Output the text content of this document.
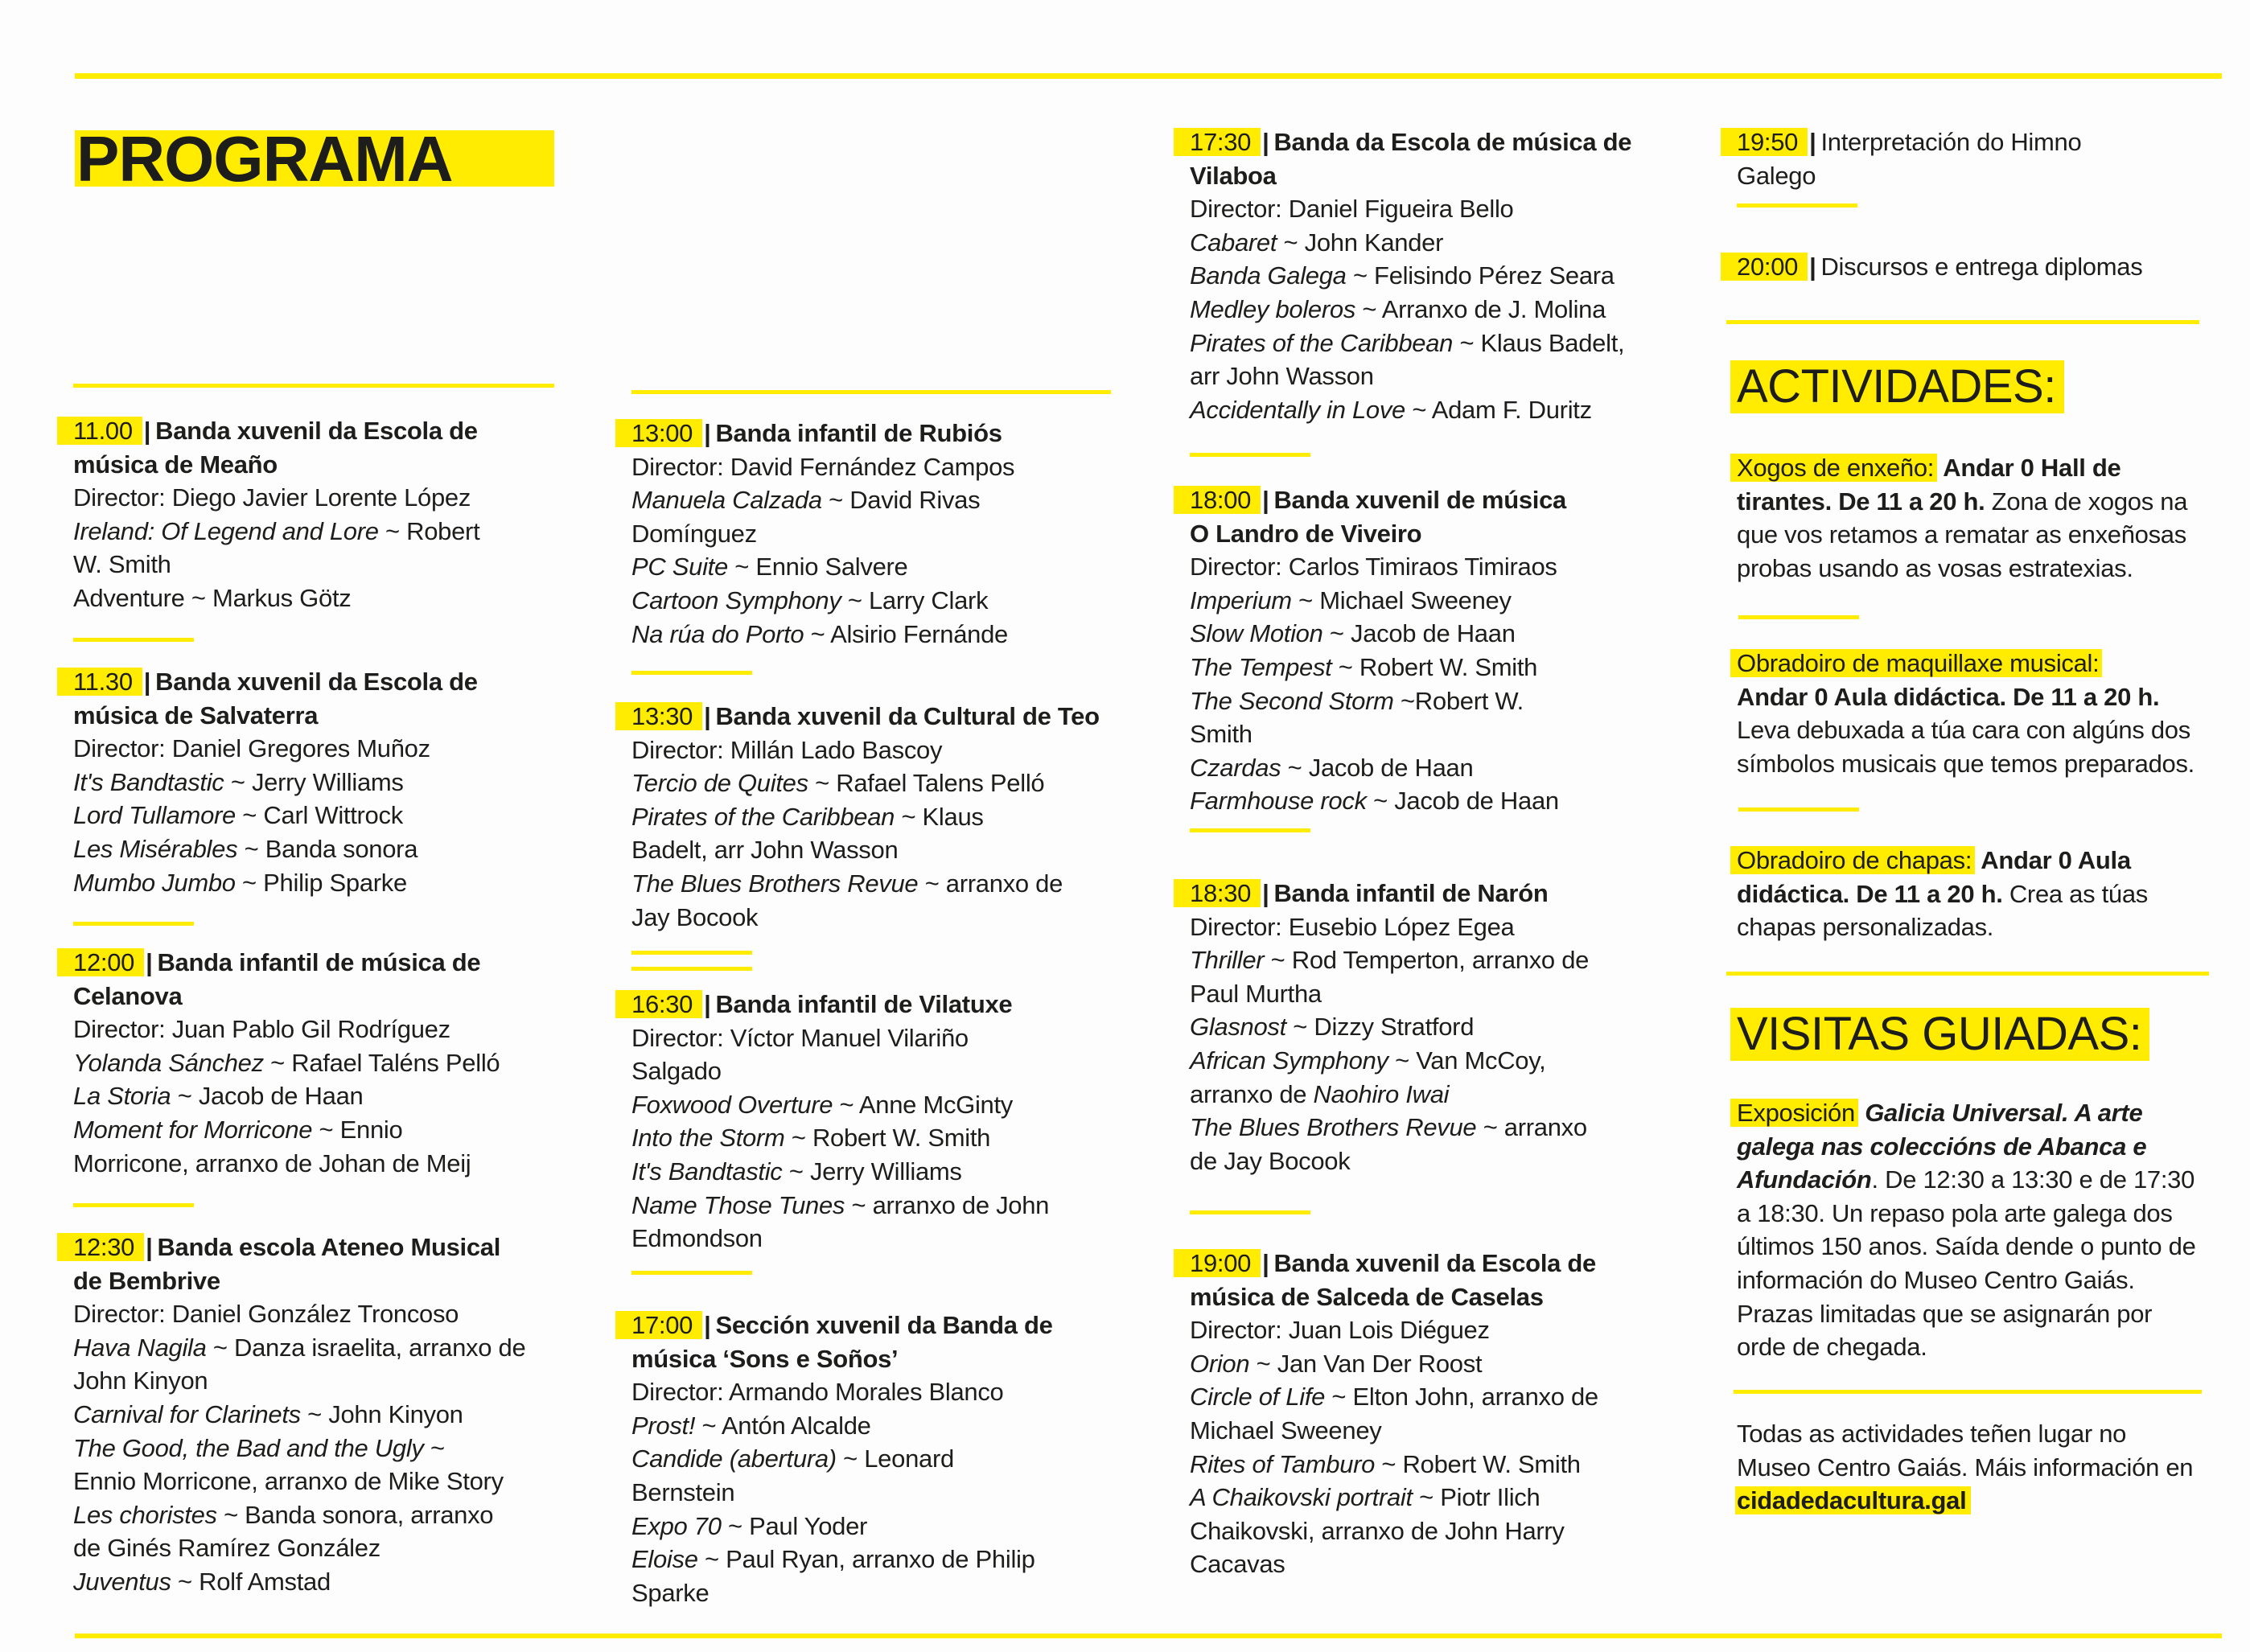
PROGRAMA
11.00 | Banda xuvenil da Escola de
música de Meaño
Director: Diego Javier Lorente López
Ireland: Of Legend and Lore ~ Robert
W. Smith
Adventure ~ Markus Götz
11.30 | Banda xuvenil da Escola de
música de Salvaterra
Director: Daniel Gregores Muñoz
It's Bandtastic ~ Jerry Williams
Lord Tullamore ~ Carl Wittrock
Les Misérables ~ Banda sonora
Mumbo Jumbo ~ Philip Sparke
12:00 | Banda infantil de música de
Celanova
Director: Juan Pablo Gil Rodríguez
Yolanda Sánchez ~ Rafael Taléns Pelló
La Storia ~ Jacob de Haan
Moment for Morricone ~ Ennio
Morricone, arranxo de Johan de Meij
12:30 | Banda escola Ateneo Musical
de Bembrive
Director: Daniel González Troncoso
Hava Nagila ~ Danza israelita, arranxo de
John Kinyon
Carnival for Clarinets ~ John Kinyon
The Good, the Bad and the Ugly ~
Ennio Morricone, arranxo de Mike Story
Les choristes ~ Banda sonora, arranxo
de Ginés Ramírez González
Juventus ~ Rolf Amstad
13:00 | Banda infantil de Rubiós
Director: David Fernández Campos
Manuela Calzada ~ David Rivas
Domínguez
PC Suite ~ Ennio Salvere
Cartoon Symphony ~ Larry Clark
Na rúa do Porto ~ Alsirio Fernánde
13:30 | Banda xuvenil da Cultural de Teo
Director: Millán Lado Bascoy
Tercio de Quites ~ Rafael Talens Pelló
Pirates of the Caribbean ~ Klaus
Badelt, arr John Wasson
The Blues Brothers Revue ~ arranxo de
Jay Bocook
16:30 | Banda infantil de Vilatuxe
Director: Víctor Manuel Vilariño
Salgado
Foxwood Overture ~ Anne McGinty
Into the Storm ~ Robert W. Smith
It's Bandtastic ~ Jerry Williams
Name Those Tunes ~ arranxo de John
Edmondson
17:00 | Sección xuvenil da Banda de
música ‘Sons e Soños’
Director: Armando Morales Blanco
Prost! ~ Antón Alcalde
Candide (abertura) ~ Leonard
Bernstein
Expo 70 ~ Paul Yoder
Eloise ~ Paul Ryan, arranxo de Philip
Sparke
17:30 | Banda da Escola de música de
Vilaboa
Director: Daniel Figueira Bello
Cabaret ~ John Kander
Banda Galega ~ Felisindo Pérez Seara
Medley boleros ~ Arranxo de J. Molina
Pirates of the Caribbean ~ Klaus Badelt,
arr John Wasson
Accidentally in Love ~ Adam F. Duritz
18:00 | Banda xuvenil de música
O Landro de Viveiro
Director: Carlos Timiraos Timiraos
Imperium ~ Michael Sweeney
Slow Motion ~ Jacob de Haan
The Tempest ~ Robert W. Smith
The Second Storm ~Robert W.
Smith
Czardas ~ Jacob de Haan
Farmhouse rock ~ Jacob de Haan
18:30 | Banda infantil de Narón
Director: Eusebio López Egea
Thriller ~ Rod Temperton, arranxo de
Paul Murtha
Glasnost ~ Dizzy Stratford
African Symphony ~ Van McCoy,
arranxo de Naohiro Iwai
The Blues Brothers Revue ~ arranxo
de Jay Bocook
19:00 | Banda xuvenil da Escola de
música de Salceda de Caselas
Director: Juan Lois Diéguez
Orion ~ Jan Van Der Roost
Circle of Life ~ Elton John, arranxo de
Michael Sweeney
Rites of Tamburo ~ Robert W. Smith
A Chaikovski portrait ~ Piotr Ilich
Chaikovski, arranxo de John Harry
Cacavas
19:50 | Interpretación do Himno
Galego
20:00 | Discursos e entrega diplomas
ACTIVIDADES:
Xogos de enxeño: Andar 0 Hall de
tirantes. De 11 a 20 h. Zona de xogos na
que vos retamos a rematar as enxeñosas
probas usando as vosas estratexias.
Obradoiro de maquillaxe musical:
Andar 0 Aula didáctica. De 11 a 20 h.
Leva debuxada a túa cara con algúns dos
símbolos musicais que temos preparados.
Obradoiro de chapas: Andar 0 Aula
didáctica. De 11 a 20 h. Crea as túas
chapas personalizadas.
VISITAS GUIADAS:
Exposición Galicia Universal. A arte
galega nas coleccións de Abanca e
Afundación. De 12:30 a 13:30 e de 17:30
a 18:30. Un repaso pola arte galega dos
últimos 150 anos. Saída dende o punto de
información do Museo Centro Gaiás.
Prazas limitadas que se asignarán por
orde de chegada.
Todas as actividades teñen lugar no
Museo Centro Gaiás. Máis información en
cidadedacultura.gal
